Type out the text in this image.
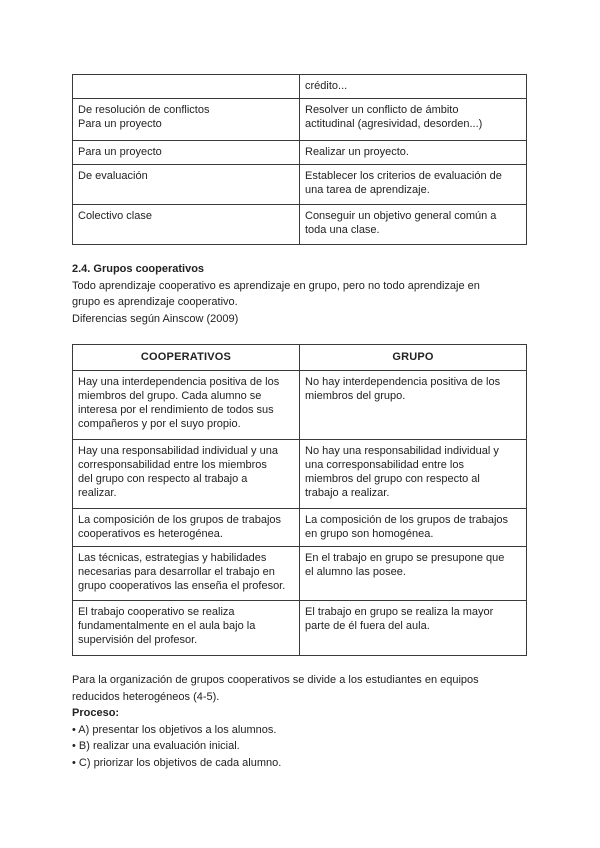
	crédito...

De resolución de conflictos
Para un proyecto	Resolver un conflicto de ámbito
actitudinal (agresividad, desorden...)

Para un proyecto	Realizar un proyecto.

De evaluación	Establecer los criterios de evaluación de
una tarea de aprendizaje.

Colectivo clase	Conseguir un objetivo general común a
toda una clase.
2.4. Grupos cooperativos
Todo aprendizaje cooperativo es aprendizaje en grupo, pero no todo aprendizaje en
grupo es aprendizaje cooperativo.
Diferencias según Ainscow (2009)
COOPERATIVOS	GRUPO

Hay una interdependencia positiva de los
miembros del grupo. Cada alumno se
interesa por el rendimiento de todos sus
compañeros y por el suyo propio.	No hay interdependencia positiva de los
miembros del grupo.

Hay una responsabilidad individual y una
corresponsabilidad entre los miembros
del grupo con respecto al trabajo a
realizar.	No hay una responsabilidad individual y
una corresponsabilidad entre los
miembros del grupo con respecto al
trabajo a realizar.

La composición de los grupos de trabajos
cooperativos es heterogénea.	La composición de los grupos de trabajos
en grupo son homogénea.

Las técnicas, estrategias y habilidades
necesarias para desarrollar el trabajo en
grupo cooperativos las enseña el profesor.	En el trabajo en grupo se presupone que
el alumno las posee.

El trabajo cooperativo se realiza
fundamentalmente en el aula bajo la
supervisión del profesor.	El trabajo en grupo se realiza la mayor
parte de él fuera del aula.
Para la organización de grupos cooperativos se divide a los estudiantes en equipos
reducidos heterogéneos (4-5).
Proceso:
• A) presentar los objetivos a los alumnos.
• B) realizar una evaluación inicial.
• C) priorizar los objetivos de cada alumno.
